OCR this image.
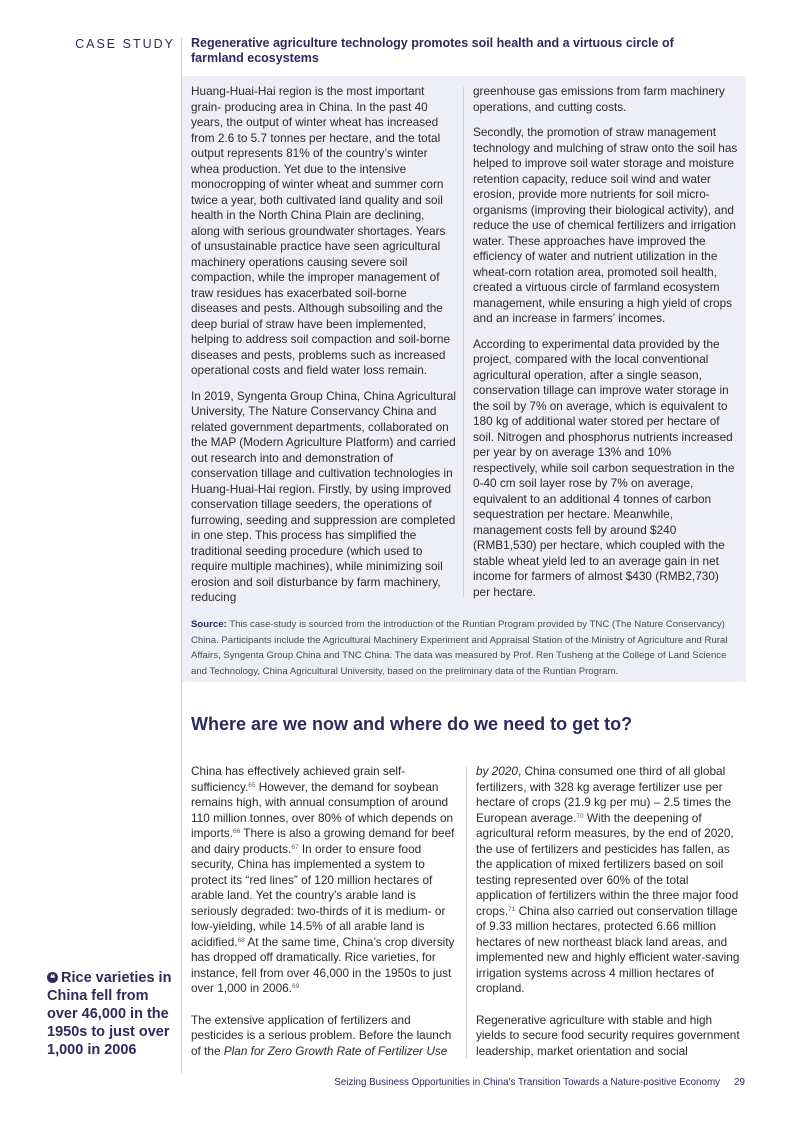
CASE STUDY Regenerative agriculture technology promotes soil health and a virtuous circle of farmland ecosystems

Huang-Huai-Hai region is the most important grain- producing area in China. In the past 40 years, the output of winter wheat has increased from 2.6 to 5.7 tonnes per hectare, and the total output represents 81% of the country’s winter whea production. Yet due to the intensive monocropping of winter wheat and summer corn twice a year, both cultivated land quality and soil health in the North China Plain are declining, along with serious groundwater shortages. Years of unsustainable practice have seen agricultural machinery operations causing severe soil compaction, while the improper management of traw residues has exacerbated soil-borne diseases and pests. Although subsoiling and the deep burial of straw have been implemented, helping to address soil compaction and soil-borne diseases and pests, problems such as increased operational costs and field water loss remain.

In 2019, Syngenta Group China, China Agricultural University, The Nature Conservancy China and related government departments, collaborated on the MAP (Modern Agriculture Platform) and carried out research into and demonstration of conservation tillage and cultivation technologies in Huang-Huai-Hai region. Firstly, by using improved conservation tillage seeders, the operations of furrowing, seeding and suppression are completed in one step. This process has simplified the traditional seeding procedure (which used to require multiple machines), while minimizing soil erosion and soil disturbance by farm machinery, reducing

greenhouse gas emissions from farm machinery operations, and cutting costs.

Secondly, the promotion of straw management technology and mulching of straw onto the soil has helped to improve soil water storage and moisture retention capacity, reduce soil wind and water erosion, provide more nutrients for soil micro-organisms (improving their biological activity), and reduce the use of chemical fertilizers and irrigation water. These approaches have improved the efficiency of water and nutrient utilization in the wheat-corn rotation area, promoted soil health, created a virtuous circle of farmland ecosystem management, while ensuring a high yield of crops and an increase in farmers’ incomes.

According to experimental data provided by the project, compared with the local conventional agricultural operation, after a single season, conservation tillage can improve water storage in the soil by 7% on average, which is equivalent to 180 kg of additional water stored per hectare of soil. Nitrogen and phosphorus nutrients increased per year by on average 13% and 10% respectively, while soil carbon sequestration in the 0-40 cm soil layer rose by 7% on average, equivalent to an additional 4 tonnes of carbon sequestration per hectare. Meanwhile, management costs fell by around $240 (RMB1,530) per hectare, which coupled with the stable wheat yield led to an average gain in net income for farmers of almost $430 (RMB2,730) per hectare.

Source: This case-study is sourced from the introduction of the Runtian Program provided by TNC (The Nature Conservancy) China. Participants include the Agricultural Machinery Experiment and Appraisal Station of the Ministry of Agriculture and Rural Affairs, Syngenta Group China and TNC China. The data was measured by Prof. Ren Tusheng at the College of Land Science and Technology, China Agricultural University, based on the preliminary data of the Runtian Program.
Where are we now and where do we need to get to?

China has effectively achieved grain self-sufficiency.$^{65}$ However, the demand for soybean remains high, with annual consumption of around 110 million tonnes, over 80% of which depends on imports.$^{66}$ There is also a growing demand for beef and dairy products.$^{67}$ In order to ensure food security, China has implemented a system to protect its “red lines” of 120 million hectares of arable land. Yet the country’s arable land is seriously degraded: two-thirds of it is medium- or low-yielding, while 14.5% of all arable land is acidified.$^{68}$ At the same time, China’s crop diversity has dropped off dramatically. Rice varieties, for instance, fell from over 46,000 in the 1950s to just over 1,000 in 2006.69

The extensive application of fertilizers and pesticides is a serious problem. Before the launch of the Plan for Zero Growth Rate of Fertilizer Use

by 2020, China consumed one third of all global fertilizers, with 328 kg average fertilizer use per hectare of crops (21.9 kg per mu) – 2.5 times the European average.$^{70}$ With the deepening of agricultural reform measures, by the end of 2020, the use of fertilizers and pesticides has fallen, as the application of mixed fertilizers based on soil testing represented over 60% of the total application of fertilizers within the three major food crops.$^{71}$ China also carried out conservation tillage of 9.33 million hectares, protected 6.66 million hectares of new northeast black land areas, and implemented new and highly efficient water-saving irrigation systems across 4 million hectares of cropland.

Regenerative agriculture with stable and high yields to secure food security requires government leadership, market orientation and social

❝ Rice varieties in China fell from over 46,000 in the 1950s to just over 1,000 in 2006
Seizing Business Opportunities in China’s Transition Towards a Nature-positive Economy 29
